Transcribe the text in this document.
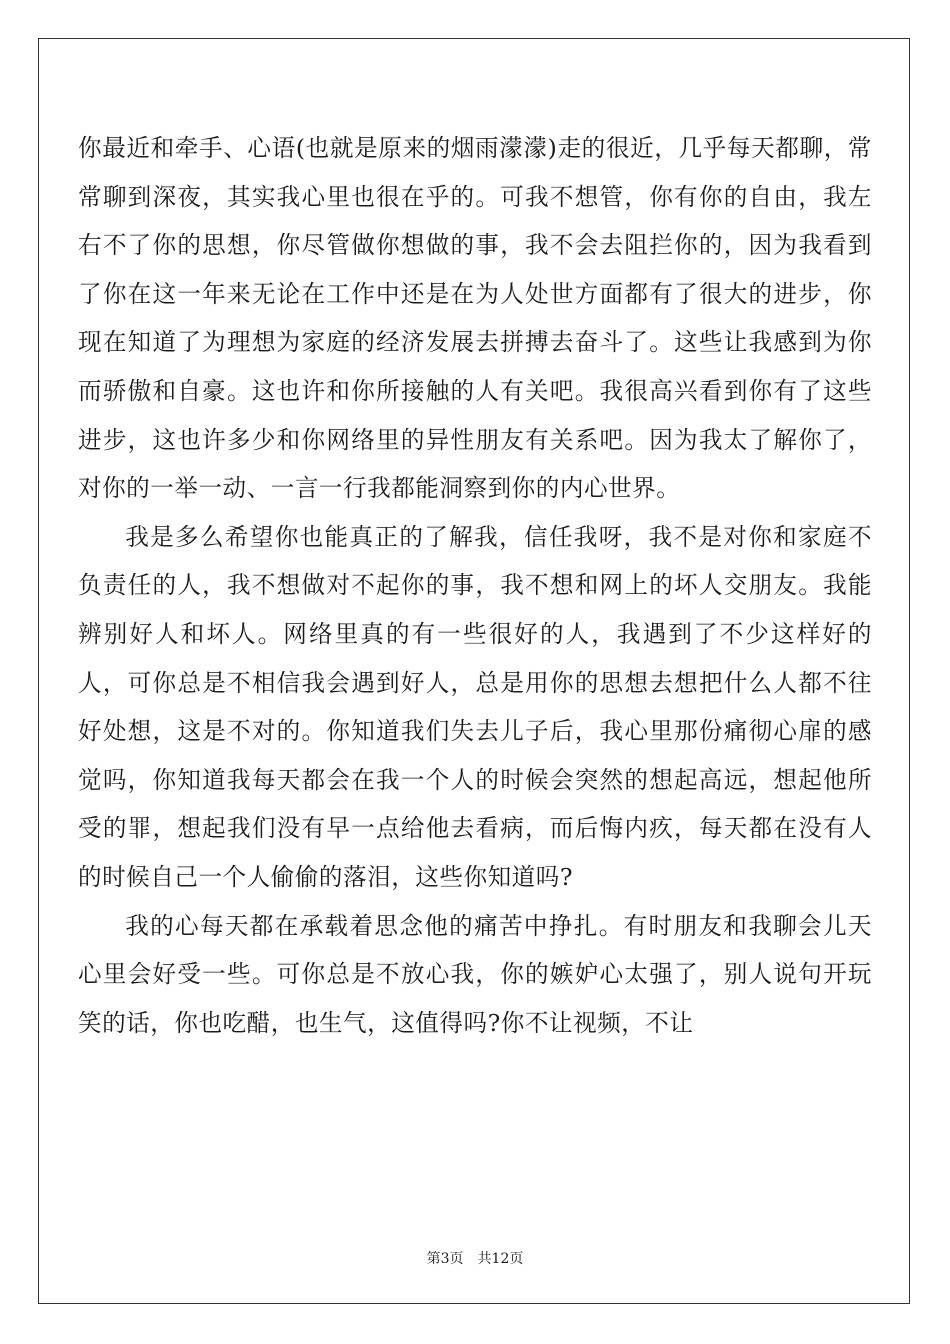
你最近和牵手、心语(也就是原来的烟雨濛濛)走的很近，几乎每天都聊，常常聊到深夜，其实我心里也很在乎的。可我不想管，你有你的自由，我左右不了你的思想，你尽管做你想做的事，我不会去阻拦你的，因为我看到了你在这一年来无论在工作中还是在为人处世方面都有了很大的进步，你现在知道了为理想为家庭的经济发展去拼搏去奋斗了。这些让我感到为你而骄傲和自豪。这也许和你所接触的人有关吧。我很高兴看到你有了这些进步，这也许多少和你网络里的异性朋友有关系吧。因为我太了解你了，对你的一举一动、一言一行我都能洞察到你的内心世界。

我是多么希望你也能真正的了解我，信任我呀，我不是对你和家庭不负责任的人，我不想做对不起你的事，我不想和网上的坏人交朋友。我能辨别好人和坏人。网络里真的有一些很好的人，我遇到了不少这样好的人，可你总是不相信我会遇到好人，总是用你的思想去想把什么人都不往好处想，这是不对的。你知道我们失去儿子后，我心里那份痛彻心扉的感觉吗，你知道我每天都会在我一个人的时候会突然的想起高远，想起他所受的罪，想起我们没有早一点给他去看病，而后悔内疚，每天都在没有人的时候自己一个人偷偷的落泪，这些你知道吗?

我的心每天都在承载着思念他的痛苦中挣扎。有时朋友和我聊会儿天心里会好受一些。可你总是不放心我，你的嫉妒心太强了，别人说句开玩笑的话，你也吃醋，也生气，这值得吗?你不让视频，不让

第3页 共12页
